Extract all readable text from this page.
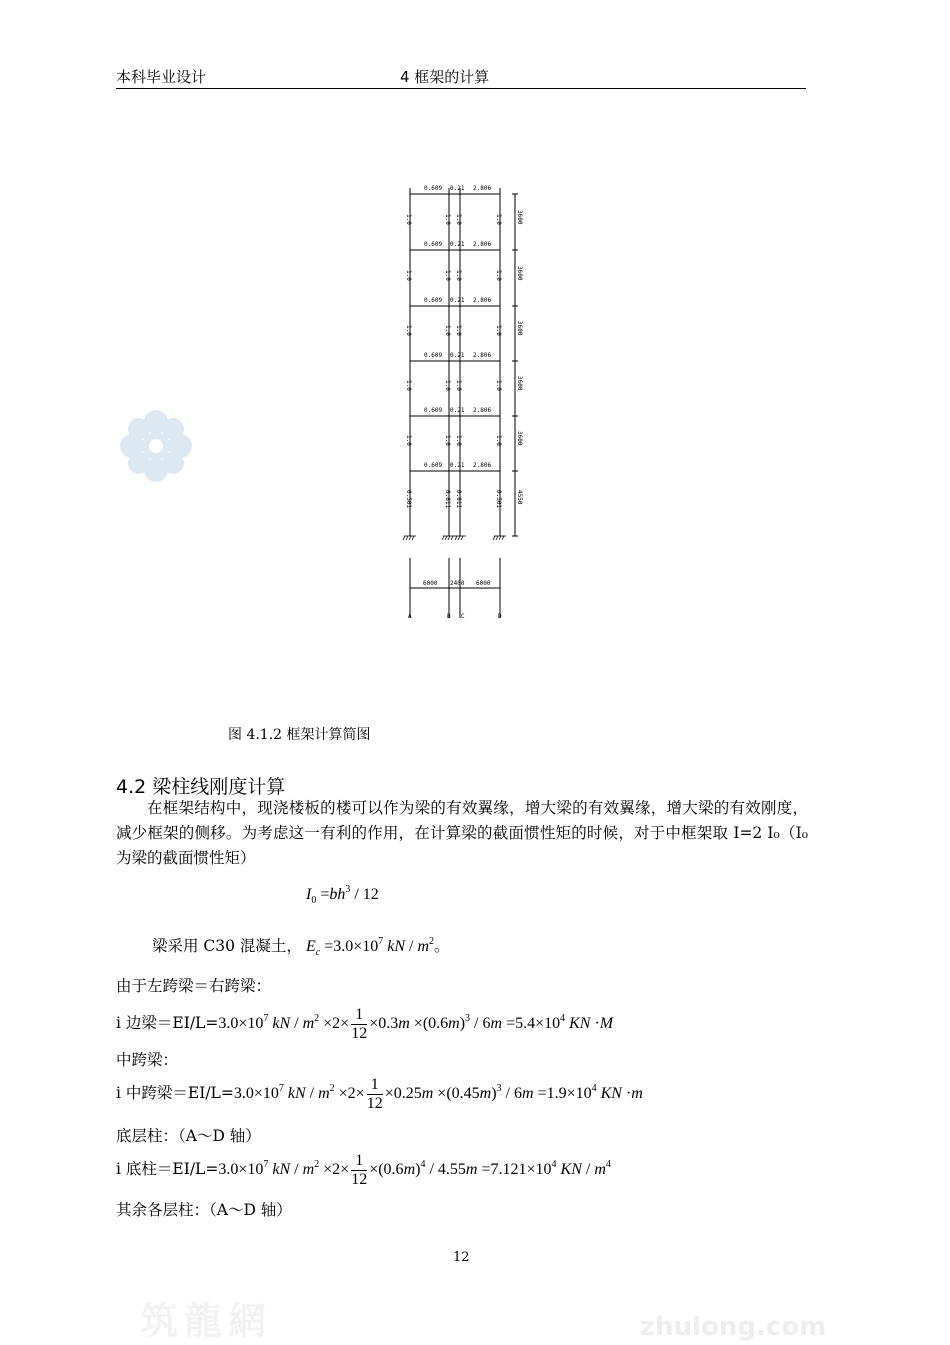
本科毕业设计	4 框架的计算
0.609 0.21 2.806
0.609 0.21 2.806
0.609 0.21 2.806
0.609 0.21 2.806
0.609 0.21 2.806
0.609 0.21 2.806
1.0	1.0 1.0	1.0
1.0	1.0 1.0	1.0
1.0	1.0 1.0	1.0
1.0	1.0 1.0	1.0
1.0	1.0 1.0	1.0
0.501	0.811 0.811	0.501
3600
3600
3600
3600
3600
4550
6000 2400 6000
A	B C	D
图 4.1.2 框架计算简图
4.2 梁柱线刚度计算

在框架结构中，现浇楼板的楼可以作为梁的有效翼缘，增大梁的有效翼缘，增大梁的有效刚度，减少框架的侧移。为考虑这一有利的作用，在计算梁的截面惯性矩的时候，对于中框架取 I=2 I₀（I₀为梁的截面惯性矩）

$I_0 =bh^3 / 12$
梁采用 C30 混凝土， $E_c =3.0\times 10^7$ kN / $m^2$。
由于左跨梁＝右跨梁：
i 边梁$=EI/L=3.0\times 10^7$ kN / $m^2 \times 2\times \frac{1}{12} \times 0.3m \times(0.6m)^3 / 6m =5.4\times 10^4$ KN ·M
中跨梁：
i 中跨梁$=EI/L=3.0\times 10^7$ kN / $m^2 \times 2\times \frac{1}{12} \times 0.25m \times(0.45m)^3 / 6m =1.9\times 10^4$ KN ·m
底层柱：（A～D 轴）
i 底柱$=EI/L=3.0\times 10^7$ kN / $m^2 \times 2\times \frac{1}{12} \times(0.6m)^4 / 4.55m =7.121\times 10^4$ KN / $m^4$
其余各层柱：（A～D 轴）
12
筑龍網	zhulong.com
